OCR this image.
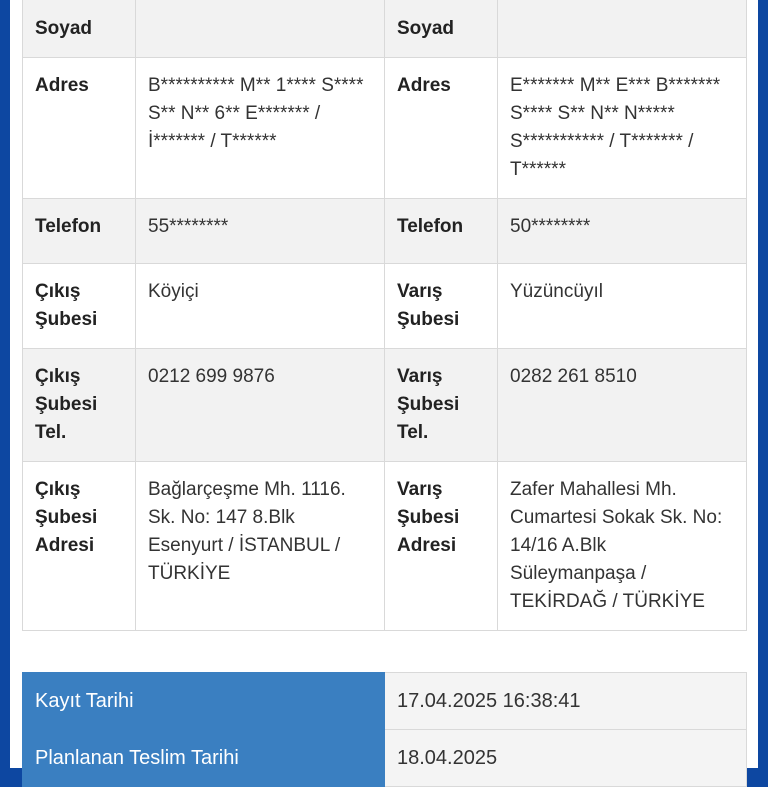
Soyad		Soyad	
Adres	B********** M** 1**** S**** S** N** 6** E******* / İ******* / T******	Adres	E******* M** E*** B******* S**** S** N** N***** S*********** / T******* / T******
Telefon	55********	Telefon	50********
Çıkış Şubesi	Köyiçi	Varış Şubesi	Yüzüncüyıl
Çıkış Şubesi Tel.	0212 699 9876	Varış Şubesi Tel.	0282 261 8510
Çıkış Şubesi Adresi	Bağlarçeşme Mh. 1116. Sk. No: 147 8.Blk Esenyurt / İSTANBUL / TÜRKİYE	Varış Şubesi Adresi	Zafer Mahallesi Mh. Cumartesi Sokak Sk. No: 14/16 A.Blk Süleymanpaşa / TEKİRDAĞ / TÜRKİYE
Kayıt Tarihi	17.04.2025 16:38:41
Planlanan Teslim Tarihi	18.04.2025
